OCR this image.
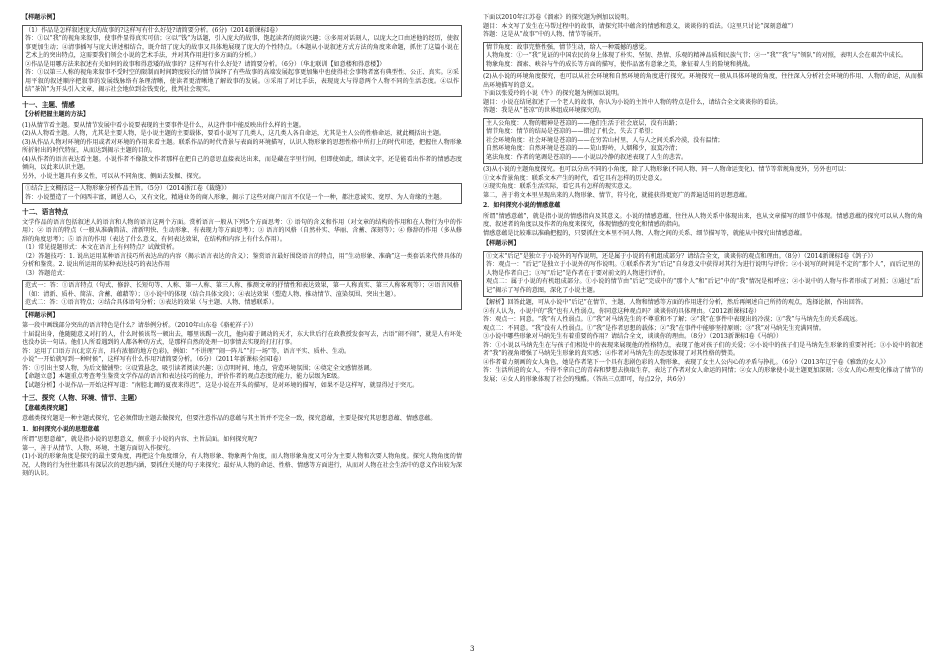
【样题示例】
（1）作品是怎样叙述庞大的故事的?这样写有什么好处?请简要分析。(6分)（2014新课标Ⅰ卷）
答：①以“我”的视角来叙事，使事件显得真实可信；②以“钱”为话题，引入庞大的故事，饱起读者的阅读兴趣；③多用对话刻人，以庞大之口由述他的经历，使叙事更加生动；④清事插写与庞大讲述相结合，既介绍了庞大的故事又具体地展现了庞大的个性特点。（本题从小说叙述方式方法的角度来命题，抓住了这篇小说在艺术上的突出特点，这需要我们领会小说的艺术手法，并对其作用进行多方面的分析。）
②作品是用哪方法来叙述有关如何的故事和得意矮的故事的？这样写有什么好处？请简要分析。（6分）（华北联训【如意楼和得意楼】）
答：①以第三人称的视角来叙事不受时空的限制而时间跨度较长的情节演绎了有些故事的高端发展起事更加集中也使得社会事物者富有典型性、公正、真实。②采用平叙的叙述顺序把叙事的发展线脉络有条理清晰，使读者更清晰地了解故事的发展。③采用了对比手法，表现庞大与得意两个人物不同的生活态度。④以作结“茶馆”为开头引入文章，揭示社会地位到金钱变化，批判社会现实。
十一、主题、情感
【分析把握主题的方法】
(1)从情节看主题。要从情节发展中看小说要表现的主要事件是什么，从这件事中能反映出什么样的主题。
(2)从人物看主题。人物，尤其是主要人物，是小说主题的主要载体，要看小说写了几类人，这几类人各自命运，尤其是主人公的性格命运，就此概括出主题。
(3)从作品人物对环境的作用或者对环境的作用来看主题。联系作品的时代背景与表面的环境描写，认识人物形象的思想性格中所打上的时代印迹，把握住人物形象所折射出的时代特征，从而达到揭示主题的目的。
(4)从作者的语言表达看主题。小说作者不像散文作者那样在把自己的意思直接表达出来，而是藏在字里行间，但即使如此，细读文字，还是能看出作者的情感态度倾向，以此来认识主题。
另外，小说主题具有多义性，可以从不同角度、侧面去发掘、探究。
①结合上文概括这一人物形象分析作品主旨。（5分）（2014浙江卷《裁缝》）
答：小说塑造了一个闲西丰富，调恩人心，又有文化，精通业务的商人形象，揭示了这些对商户而言不仅是一个一种，都注意诚实、宽厚、为人奇缘的主题。
十二、语言特点
文学作品的语言包括叙述人的语言和人物的语言这两个方面。赏析语言一般从下列5个方面思考：① 语句的含义和作用（对文章的结构的作用和在人物行为中的作用）；② 语言的特点（一般从准确简洁、清新明快、生动形象、有表现力等方面思考）；③ 语言的风格（自然朴实、华丽、含蓄、深刻等）；④ 修辞的作用（多从修辞的角度思考）；⑤ 语言的作用（表达了什么意义，有何表达效果，在结构和内容上有什么作用）。
（1）常见提题形式：本文在语言上有何特点？试做赏析。
（2）答题技巧：1. 说出运用某种语言技巧所表达出的内容（揭示语言表达的含义）；鉴赏语言最好围绕语言的特点，用“生动形象、准确”这一类套话来代替具体的分析和鉴赏。2. 说出所运用的某种表达技巧的表达作用
（3）答题范式：
范式一：答：①语言特点（句式、修辞、长短句等、人称、第一人称、第三人称、推测文章的抒情性和表达效果，第一人称真实、第三人称客观等）；②语言风格（如：清新、质朴、简洁、含蓄、蕴藉等）；③小说中的体现（结合具体文段）；④表达效果（塑造人物、推动情节、渲染氛围、突出主题）。
范式二：答：①语言特点；②结合具体语句分析；③表达的效果（与主题、人物、情感联系）。
【样题示例】
第一段中画线部分突出的语言特色是什么？请举例分析。（2010年山东卷《骆驼祥子》）
十届混出身，他随随意义对打的人，什么时候该骂一顿出去，哪里该踢一次几，他向着于调动的天才，东大世后行在政教授发套写去，古语“闹不闹”，就是人有坏处也没办法一句话。他们人所看遇到的人都各种的方式，是那样自然的处理一切事情去实现的打打打事。
答：运用了口语方言(北京方言，具有浓郁的地方色彩)，例如：“不讲理”“闹一阵儿”“打一场”等，语言平实、质朴、生动。
小说“一开始就写到一种时候”，这样写有什么作用?请简要分析。（6分）（2011年新课标全国Ⅰ卷）
答：①引出主要人物，为后文做铺垫；②设置悬念，吸引读者阅读兴趣；③点明时间、地点，营造环境氛围；④奠定全文感情基调。
【命题立意】本题重点考查考生鉴赏文学作品的语言和表达技巧的能力，评价作者的观点态度的能力，能力层级为E级。
【试题分析】小说作品一开始这样写道：“南腔北调的夏夜来得迟”，这是小说在开头的描写，是对环境的描写，如果不是这样写，就显得过于突兀。
十三、探究（人物、环境、情节、主题）
【意蕴类探究题】
意蕴类探究题是一种主题式探究，它必须借助主题去做探究，但要注意作品的意蕴与其主旨并不完全一致，探究意蕴，主要是探究其思想意蕴、情感意蕴。
1．如何探究小说的思想意蕴
所谓“思想意蕴”，就是指小说的思想意义，侧重于小说的内容、主旨层面。如何探究呢?
第一，善于从情节、人物、环境、主题方面切入作探究。
(1)小说的形象角度是探究的最主要角度，再把这个角度细分，有人物形象、物象两个角度，而人物形象角度又可分为主要人物和次要人物角度。探究人物角度的情况，人物的行为往往都具有深层次的思想内涵，要抓住关键的句子来探究；最好从人物的命运、性格、情感等方面进行，从而对人物在社会生活中的意义作出较为深刻的认识。
下面以2010年江苏卷《溜索》的探究题为例加以说明。
题目：本文写了发生在马帮过程中的故事，请探究其中蕴含的情感和意义，谈谈你的看法。（这里只讨论“深刻意蕴”）
答题：这是从“故事”中的人物、情节等展开。
情节角度：故事完整性强，情节生动，给人一种震撼的感觉。
人物角度：①一“我”见证的中国农民的身上体现了朴实、坚韧、热情、乐观的精神品质和民族气节；②一“我”“我”与“领队”的对照，表明人会在艰苦中成长。
物象角度：溜索、峡谷与牛的成长等方面的描写，使作品富有意象之美，象征着人生的险境和挑战。
(2)从小说的环境角度探究，也可以从社会环境和自然环境的角度进行探究。环境探究一般从具体环境的角度，往往深入分析社会环境的作用、人物的命运，从而推出环境描写的意义。
下面以张爱玲的小说《牛》的探究题为例加以说明。
题目：小说在结尾叙述了一个老人的故事，你认为小说的主旨中人物的特点是什么，请结合全文谈谈你的看法。
答题：我是从“苍凉”的世界组成环境探究的。
主人公角度：人物的精神是苍凉的——他们生活于社会底层，没有出路；
情节角度：情节的结局是苍凉的——错过了机会，失去了希望；
社会环境角度：社会环境是苍凉的——在穷苦山村里，人与人之间关系冷漠，没有温情；
自然环境角度：自然环境是苍凉的——荒山野岭，人烟稀少，寂寞冷清；
笔法角度：作者的笔调是苍凉的——小说以冷静的叙述表现了人生的悲苦。
(3)从小说的主题角度探究。也可以分出不同的小角度，除了人物形象(不同人物、同一人物命运变化)、情节等常规角度外，另外也可以：
①文本背景角度：联系文本产生的时代，看它具有怎样的历史意义。
②现实角度：联系生活实际，看它具有怎样的现实意义。
第二，善于将文本里呈现出来的人物形象、情节，符号化，就能获得更宽广的普遍适用的思想意蕴。
2．如何探究小说的情感意蕴
所谓“情感意蕴”，就是指小说的情感指向及其意义。小说的情感意蕴，往往从人物关系中体现出来，也从文章描写的细节中体现。情感意蕴的探究可以从人物的角度、叙述者的角度以及作者的角度来探究，体现情感的变化和情感的指向。
情感意蕴是比较难以准确把握的，只要抓住文本里不同人物、人物之间的关系、细节描写等，就能从中探究出情感意蕴。
【样题示例】
①文末“后记”是独立于小说外的写作说明，还是属于小说的有机组成部分？请结合全文，谈谈你的观点和理由。（8分）（2014新课标Ⅰ卷《鸽子》）
答：观点一：“后记”是独立于小说外的写作说明。①联系作者为“后记”自身意义中获得对其行为进行说明与评价；②小说写的时间是不定的“那个人”，而后记里的人物是作者自己；③写“后记”是作者在于要对前文的人物进行评价。
观点二：属于小说的有机组成部分。①小说的情节由“后记”完成中的“那个人”和“后记”中的“我”情况是相呼应；②小说中的人物与作者形成了对照；③通过“后记”揭示了写作的意图，深化了小说主题。
【解析】回答此题，可从小说中“后记”在情节、主题、人物和情感等方面的作用进行分析，然后再阐述自己所持的观点，选择论据，作出回答。
②有人认为，小说中的“我”也有人性弱点，你同意这种观点吗？谈谈你的具体理由。（2012新课标Ⅰ卷）
答：观点一：同意。“我”有人性弱点。①“我”对马纳先生的不尊重和不了解；②“我”在事件中表现出的冷漠；③“我”与马纳先生的关系疏远。
观点二：不同意。“我”没有人性弱点。①“我”是作者思想的载体；②“我”在事件中能够坚持原则；③“我”对马纳先生充满同情。
③小说中哪些形象对马纳先生有着重要的作用？请结合全文，谈谈你的理由。（8分）（2013新课标Ⅰ卷《马纳》）
答：①小说以马纳先生在与孩子们相处中的表现来展现他的性格特点，表现了他对孩子们的关爱；②小说中的孩子们是马纳先生形象的重要衬托；③小说中的叙述者“我”的视角增强了马纳先生形象的真实感；④作者对马纳先生的态度体现了对其性格的赞美。
④作者着力刻画的女人角色，她是作者笔下一个具有悲剧色彩的人物形象，表现了女主人公内心的矛盾与挣扎。（6分）（2013年辽宁卷《雅致的女人》）
答：生活所迫的女人，不得不拿自己的青春和梦想去换取生存，表达了作者对女人命运的同情；②女人的形象使小说主题更加深刻；③女人的心理变化推动了情节的发展；④女人的形象体现了社会的残酷。（答出三点即可，每点2分，共6分）
3
